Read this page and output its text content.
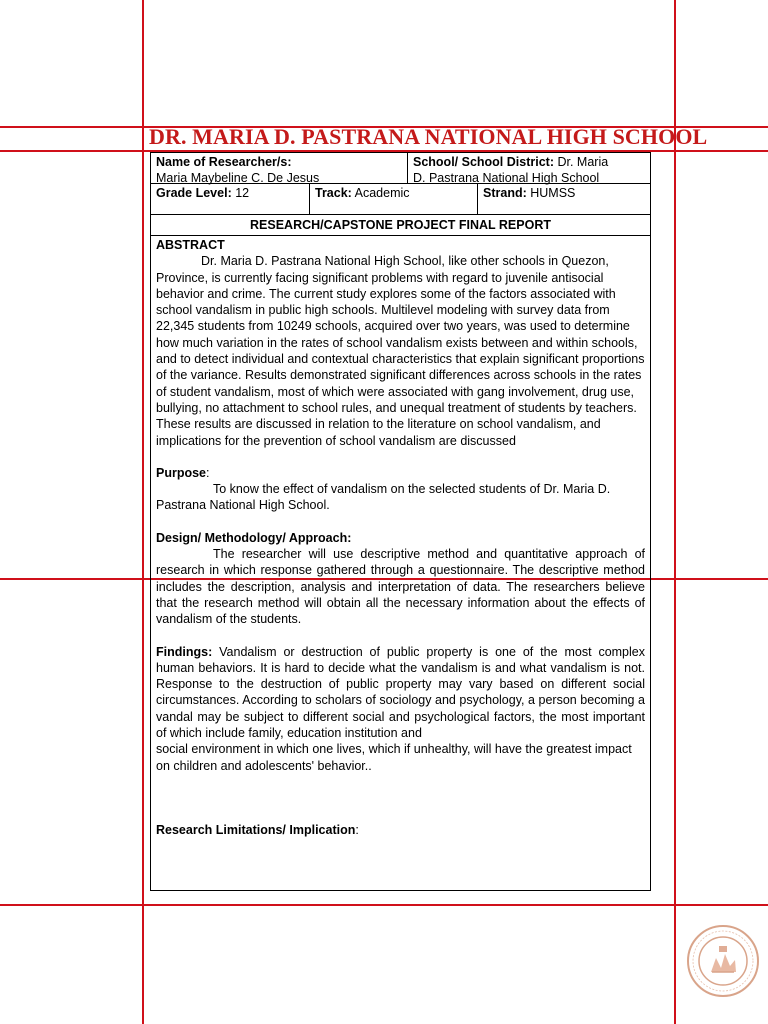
DR. MARIA D. PASTRANA NATIONAL HIGH SCHOOL
Name of Researcher/s:
Maria Maybeline C. De Jesus
School/ School District: Dr. Maria
D. Pastrana National High School
Grade Level: 12	Track: Academic	Strand: HUMSS
RESEARCH/CAPSTONE PROJECT FINAL REPORT
ABSTRACT

Dr. Maria D. Pastrana National High School, like other schools in Quezon, Province, is currently facing significant problems with regard to juvenile antisocial behavior and crime. The current study explores some of the factors associated with school vandalism in public high schools. Multilevel modeling with survey data from 22,345 students from 10249 schools, acquired over two years, was used to determine how much variation in the rates of school vandalism exists between and within schools, and to detect individual and contextual characteristics that explain significant proportions of the variance. Results demonstrated significant differences across schools in the rates of student vandalism, most of which were associated with gang involvement, drug use, bullying, no attachment to school rules, and unequal treatment of students by teachers. These results are discussed in relation to the literature on school vandalism, and implications for the prevention of school vandalism are discussed

Purpose:

To know the effect of vandalism on the selected students of Dr. Maria D. Pastrana National High School.

Design/ Methodology/ Approach:

The researcher will use descriptive method and quantitative approach of research in which response gathered through a questionnaire. The descriptive method includes the description, analysis and interpretation of data. The researchers believe that the research method will obtain all the necessary information about the effects of vandalism of the students.

Findings: Vandalism or destruction of public property is one of the most complex human behaviors. It is hard to decide what the vandalism is and what vandalism is not. Response to the destruction of public property may vary based on different social circumstances. According to scholars of sociology and psychology, a person becoming a vandal may be subject to different social and psychological factors, the most important of which include family, education institution and

social environment in which one lives, which if unhealthy, will have the greatest impact on children and adolescents' behavior..

Research Limitations/ Implication:
